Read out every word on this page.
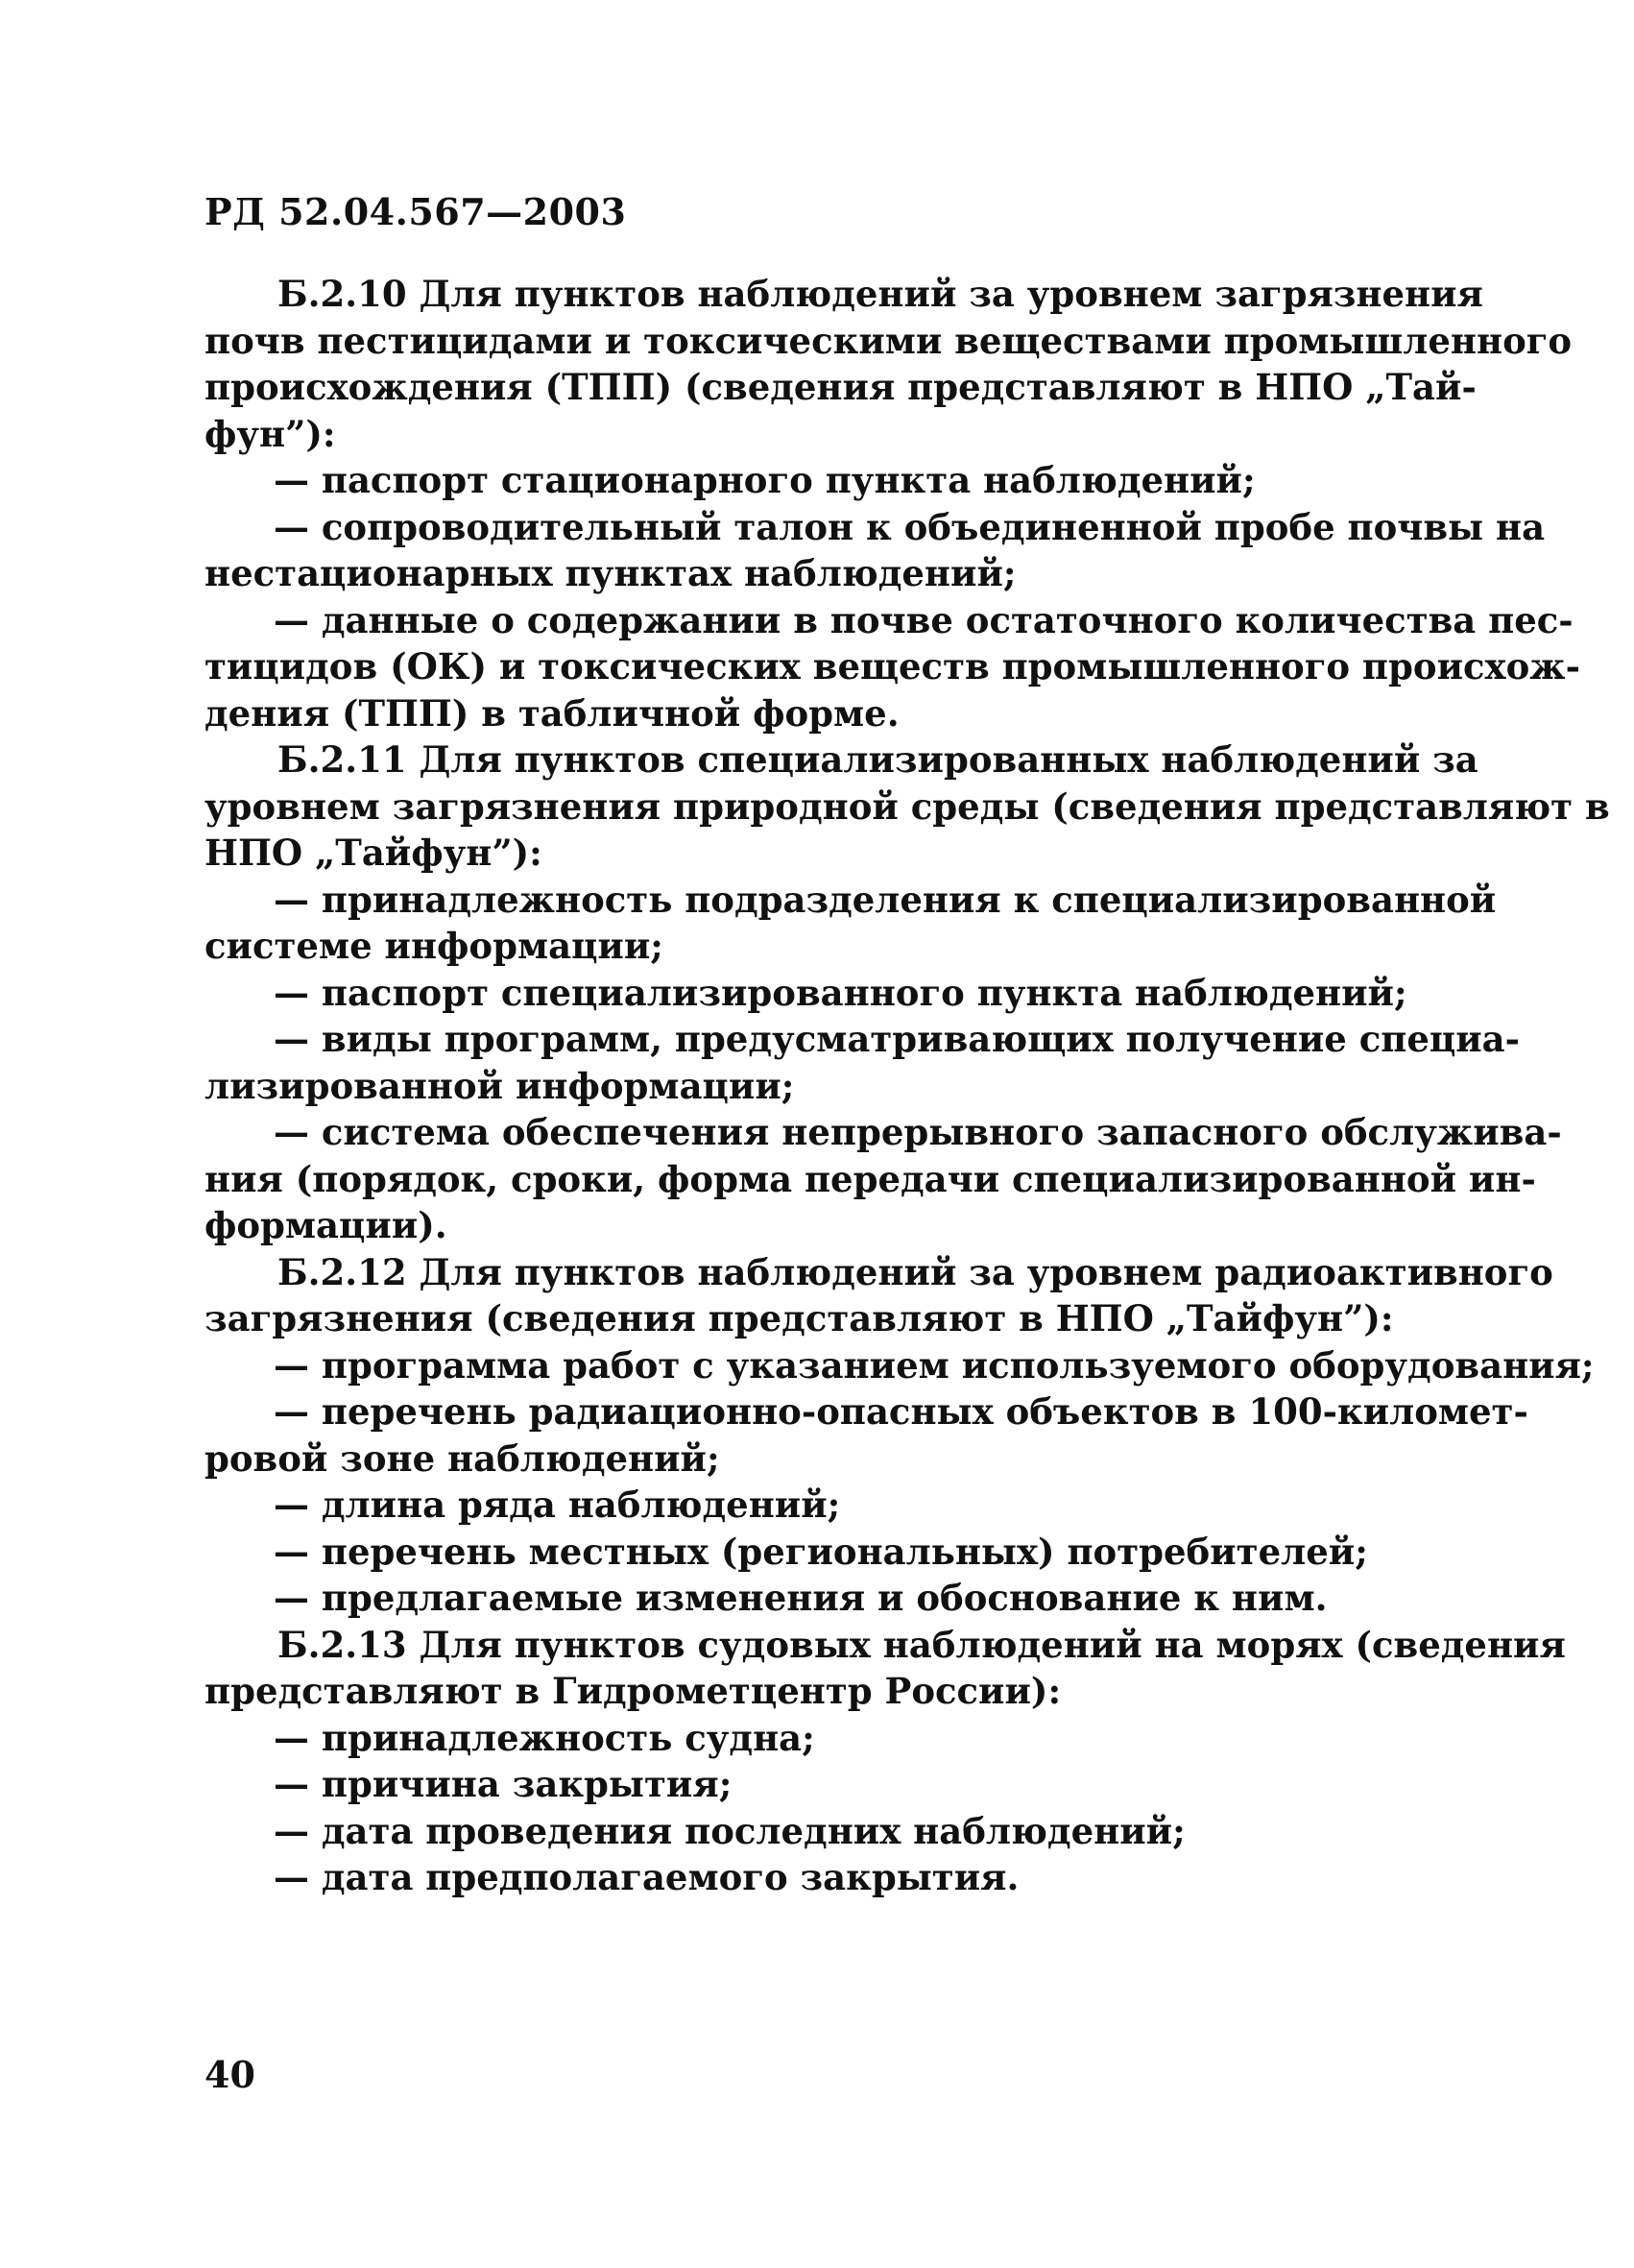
РД 52.04.567—2003
Б.2.10 Для пунктов наблюдений за уровнем загрязнения
почв пестицидами и токсическими веществами промышленного
происхождения (ТПП) (сведения представляют в НПО „Тай-
фун”):
— паспорт стационарного пункта наблюдений;
— сопроводительный талон к объединенной пробе почвы на
нестационарных пунктах наблюдений;
— данные о содержании в почве остаточного количества пес-
тицидов (ОК) и токсических веществ промышленного происхож-
дения (ТПП) в табличной форме.
Б.2.11 Для пунктов специализированных наблюдений за
уровнем загрязнения природной среды (сведения представляют в
НПО „Тайфун”):
— принадлежность подразделения к специализированной
системе информации;
— паспорт специализированного пункта наблюдений;
— виды программ, предусматривающих получение специа-
лизированной информации;
— система обеспечения непрерывного запасного обслужива-
ния (порядок, сроки, форма передачи специализированной ин-
формации).
Б.2.12 Для пунктов наблюдений за уровнем радиоактивного
загрязнения (сведения представляют в НПО „Тайфун”):
— программа работ с указанием используемого оборудования;
— перечень радиационно-опасных объектов в 100-километ-
ровой зоне наблюдений;
— длина ряда наблюдений;
— перечень местных (региональных) потребителей;
— предлагаемые изменения и обоснование к ним.
Б.2.13 Для пунктов судовых наблюдений на морях (сведения
представляют в Гидрометцентр России):
— принадлежность судна;
— причина закрытия;
— дата проведения последних наблюдений;
— дата предполагаемого закрытия.
40
